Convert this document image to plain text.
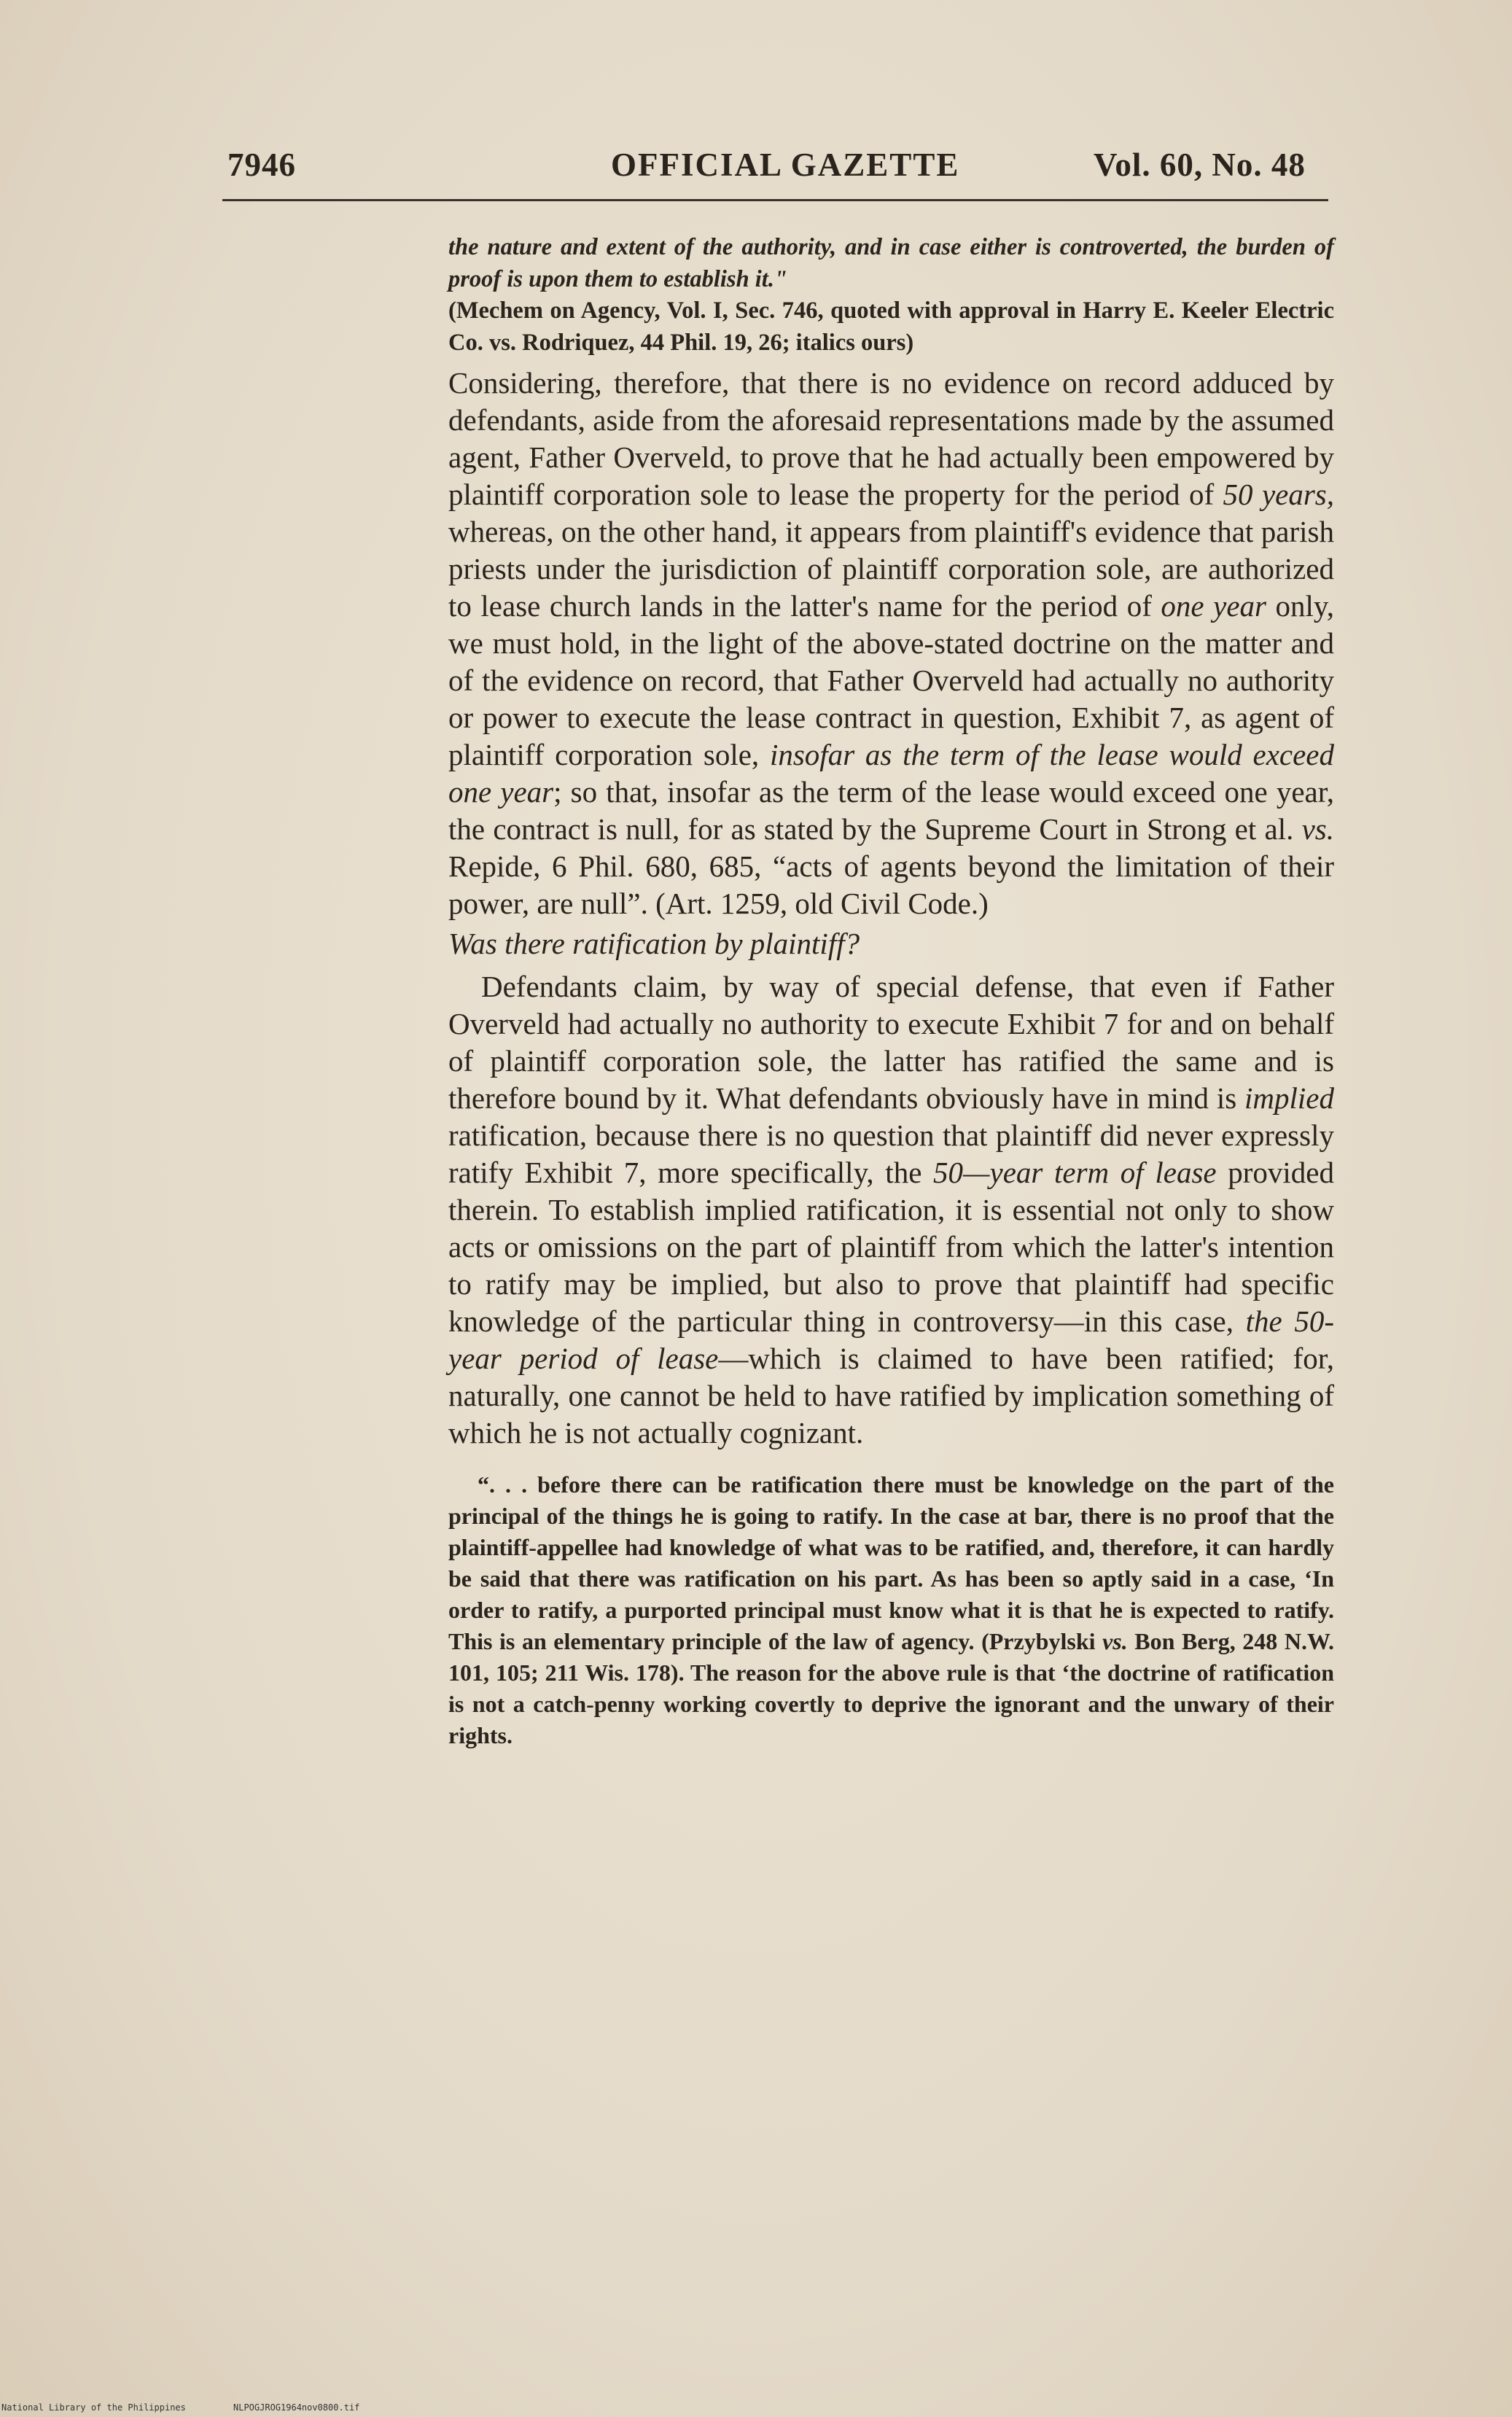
7946	OFFICIAL GAZETTE	Vol. 60, No. 48
the nature and extent of the authority, and in case either is controverted, the burden of proof is upon them to establish it."
(Mechem on Agency, Vol. I, Sec. 746, quoted with approval in Harry E. Keeler Electric Co. vs. Rodriquez, 44 Phil. 19, 26; italics ours)

Considering, therefore, that there is no evidence on record adduced by defendants, aside from the aforesaid representations made by the assumed agent, Father Overveld, to prove that he had actually been empowered by plaintiff corporation sole to lease the property for the period of 50 years, whereas, on the other hand, it appears from plaintiff's evidence that parish priests under the jurisdiction of plaintiff corporation sole, are authorized to lease church lands in the latter's name for the period of one year only, we must hold, in the light of the above-stated doctrine on the matter and of the evidence on record, that Father Overveld had actually no authority or power to execute the lease contract in question, Exhibit 7, as agent of plaintiff corporation sole, insofar as the term of the lease would exceed one year; so that, insofar as the term of the lease would exceed one year, the contract is null, for as stated by the Supreme Court in Strong et al. vs. Repide, 6 Phil. 680, 685, “acts of agents beyond the limitation of their power, are null”. (Art. 1259, old Civil Code.)

Was there ratification by plaintiff?

Defendants claim, by way of special defense, that even if Father Overveld had actually no authority to execute Exhibit 7 for and on behalf of plaintiff corporation sole, the latter has ratified the same and is therefore bound by it. What defendants obviously have in mind is implied ratification, because there is no question that plaintiff did never expressly ratify Exhibit 7, more specifically, the 50—year term of lease provided therein. To establish implied ratification, it is essential not only to show acts or omissions on the part of plaintiff from which the latter's intention to ratify may be implied, but also to prove that plaintiff had specific knowledge of the particular thing in controversy—in this case, the 50-year period of lease—which is claimed to have been ratified; for, naturally, one cannot be held to have ratified by implication something of which he is not actually cognizant.

“. . . before there can be ratification there must be knowledge on the part of the principal of the things he is going to ratify. In the case at bar, there is no proof that the plaintiff-appellee had knowledge of what was to be ratified, and, therefore, it can hardly be said that there was ratification on his part. As has been so aptly said in a case, ‘In order to ratify, a purported principal must know what it is that he is expected to ratify. This is an elementary principle of the law of agency. (Przybylski vs. Bon Berg, 248 N.W. 101, 105; 211 Wis. 178). The reason for the above rule is that ‘the doctrine of ratification is not a catch-penny working covertly to deprive the ignorant and the unwary of their rights.
National Library of the Philippines	NLPOGJROG1964nov0800.tif
